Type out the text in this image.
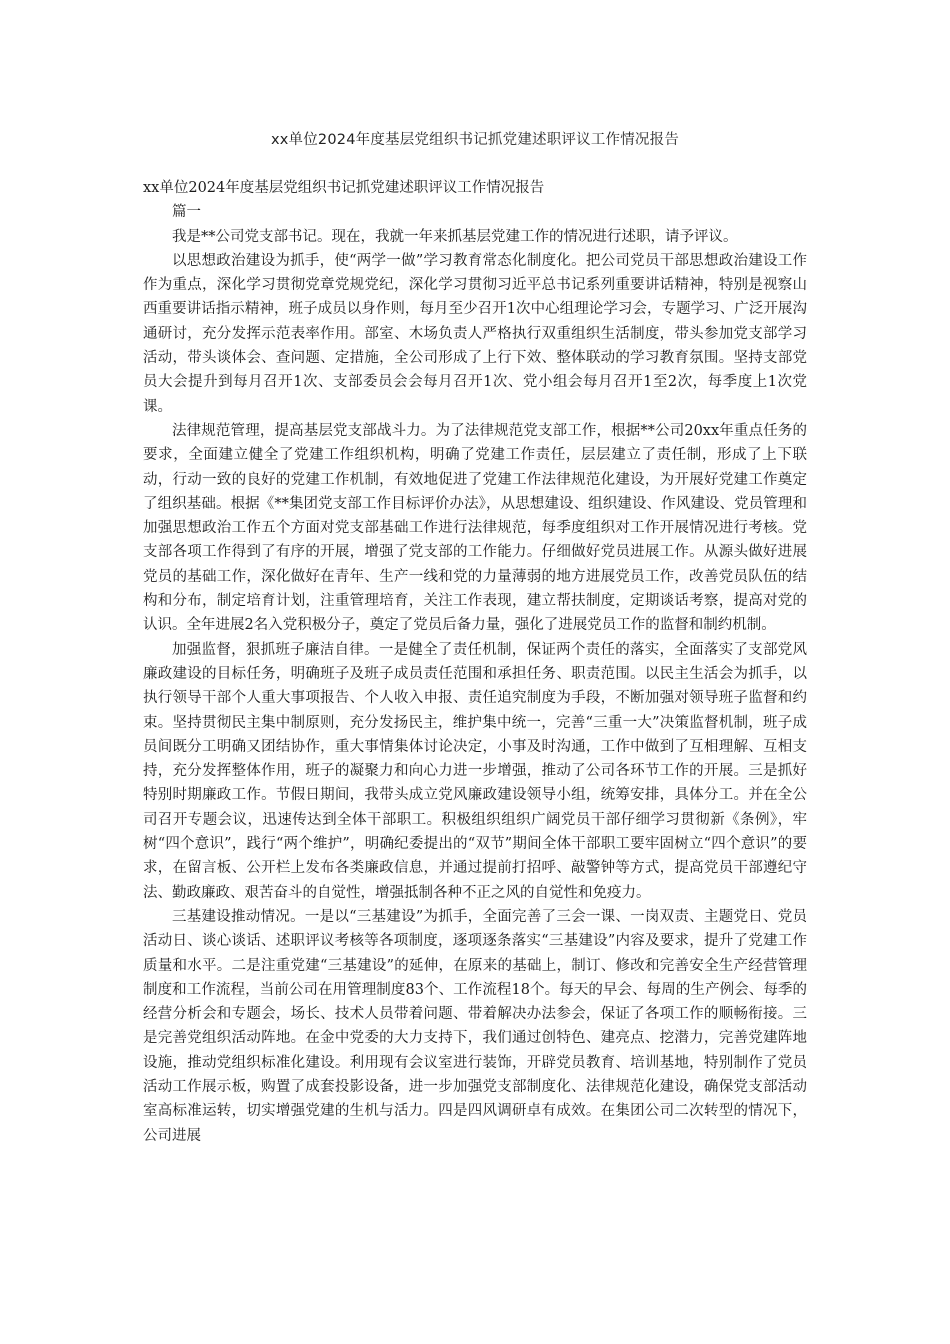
xx单位2024年度基层党组织书记抓党建述职评议工作情况报告

xx单位2024年度基层党组织书记抓党建述职评议工作情况报告

篇一

我是**公司党支部书记。现在，我就一年来抓基层党建工作的情况进行述职，请予评议。

以思想政治建设为抓手，使“两学一做”学习教育常态化制度化。把公司党员干部思想政治建设工作作为重点，深化学习贯彻党章党规党纪，深化学习贯彻习近平总书记系列重要讲话精神，特别是视察山西重要讲话指示精神，班子成员以身作则，每月至少召开1次中心组理论学习会，专题学习、广泛开展沟通研讨，充分发挥示范表率作用。部室、木场负责人严格执行双重组织生活制度，带头参加党支部学习活动，带头谈体会、查问题、定措施，全公司形成了上行下效、整体联动的学习教育氛围。坚持支部党员大会提升到每月召开1次、支部委员会会每月召开1次、党小组会每月召开1至2次，每季度上1次党课。

法律规范管理，提高基层党支部战斗力。为了法律规范党支部工作，根据**公司20xx年重点任务的要求，全面建立健全了党建工作组织机构，明确了党建工作责任，层层建立了责任制，形成了上下联动，行动一致的良好的党建工作机制，有效地促进了党建工作法律规范化建设，为开展好党建工作奠定了组织基础。根据《**集团党支部工作目标评价办法》，从思想建设、组织建设、作风建设、党员管理和加强思想政治工作五个方面对党支部基础工作进行法律规范，每季度组织对工作开展情况进行考核。党支部各项工作得到了有序的开展，增强了党支部的工作能力。仔细做好党员进展工作。从源头做好进展党员的基础工作，深化做好在青年、生产一线和党的力量薄弱的地方进展党员工作，改善党员队伍的结构和分布，制定培育计划，注重管理培育，关注工作表现，建立帮扶制度，定期谈话考察，提高对党的认识。全年进展2名入党积极分子，奠定了党员后备力量，强化了进展党员工作的监督和制约机制。

加强监督，狠抓班子廉洁自律。一是健全了责任机制，保证两个责任的落实，全面落实了支部党风廉政建设的目标任务，明确班子及班子成员责任范围和承担任务、职责范围。以民主生活会为抓手，以执行领导干部个人重大事项报告、个人收入申报、责任追究制度为手段，不断加强对领导班子监督和约束。坚持贯彻民主集中制原则，充分发扬民主，维护集中统一，完善“三重一大”决策监督机制，班子成员间既分工明确又团结协作，重大事情集体讨论决定，小事及时沟通，工作中做到了互相理解、互相支持，充分发挥整体作用，班子的凝聚力和向心力进一步增强，推动了公司各环节工作的开展。三是抓好特别时期廉政工作。节假日期间，我带头成立党风廉政建设领导小组，统筹安排，具体分工。并在全公司召开专题会议，迅速传达到全体干部职工。积极组织组织广阔党员干部仔细学习贯彻新《条例》，牢树“四个意识”，践行“两个维护”，明确纪委提出的“双节”期间全体干部职工要牢固树立“四个意识”的要求，在留言板、公开栏上发布各类廉政信息，并通过提前打招呼、敲警钟等方式，提高党员干部遵纪守法、勤政廉政、艰苦奋斗的自觉性，增强抵制各种不正之风的自觉性和免疫力。

三基建设推动情况。一是以“三基建设”为抓手，全面完善了三会一课、一岗双责、主题党日、党员活动日、谈心谈话、述职评议考核等各项制度，逐项逐条落实“三基建设”内容及要求，提升了党建工作质量和水平。二是注重党建“三基建设”的延伸，在原来的基础上，制订、修改和完善安全生产经营管理制度和工作流程，当前公司在用管理制度83个、工作流程18个。每天的早会、每周的生产例会、每季的经营分析会和专题会，场长、技术人员带着问题、带着解决办法参会，保证了各项工作的顺畅衔接。三是完善党组织活动阵地。在金中党委的大力支持下，我们通过创特色、建亮点、挖潜力，完善党建阵地设施，推动党组织标准化建设。利用现有会议室进行装饰，开辟党员教育、培训基地，特别制作了党员活动工作展示板，购置了成套投影设备，进一步加强党支部制度化、法律规范化建设，确保党支部活动室高标准运转，切实增强党建的生机与活力。四是四风调研卓有成效。在集团公司二次转型的情况下，公司进展
